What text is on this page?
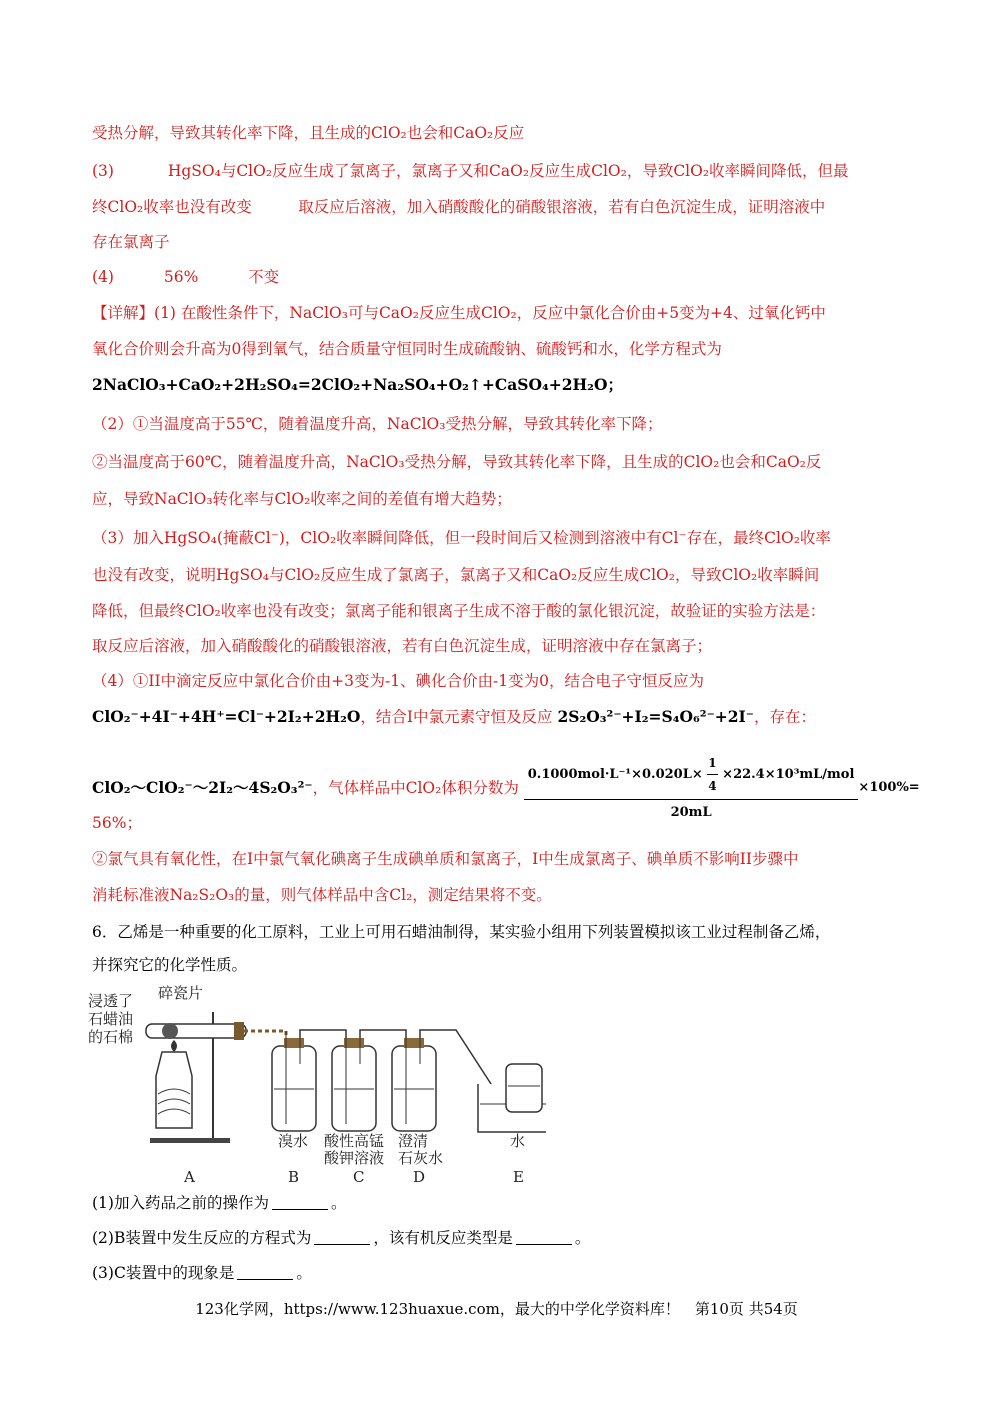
受热分解，导致其转化率下降，且生成的ClO₂也会和CaO₂反应
(3)	HgSO₄与ClO₂反应生成了氯离子，氯离子又和CaO₂反应生成ClO₂，导致ClO₂收率瞬间降低，但最
终ClO₂收率也没有改变　　　取反应后溶液，加入硝酸酸化的硝酸银溶液，若有白色沉淀生成，证明溶液中
存在氯离子
(4)	56%	不变
【详解】(1) 在酸性条件下，NaClO₃可与CaO₂反应生成ClO₂，反应中氯化合价由+5变为+4、过氧化钙中
氧化合价则会升高为0得到氧气，结合质量守恒同时生成硫酸钠、硫酸钙和水，化学方程式为
2NaClO₃+CaO₂+2H₂SO₄=2ClO₂+Na₂SO₄+O₂↑+CaSO₄+2H₂O；
（2）①当温度高于55℃，随着温度升高，NaClO₃受热分解，导致其转化率下降；
②当温度高于60℃，随着温度升高，NaClO₃受热分解，导致其转化率下降，且生成的ClO₂也会和CaO₂反
应，导致NaClO₃转化率与ClO₂收率之间的差值有增大趋势；
（3）加入HgSO₄(掩蔽Cl⁻)，ClO₂收率瞬间降低，但一段时间后又检测到溶液中有Cl⁻存在，最终ClO₂收率
也没有改变，说明HgSO₄与ClO₂反应生成了氯离子，氯离子又和CaO₂反应生成ClO₂，导致ClO₂收率瞬间
降低，但最终ClO₂收率也没有改变；氯离子能和银离子生成不溶于酸的氯化银沉淀，故验证的实验方法是：
取反应后溶液，加入硝酸酸化的硝酸银溶液，若有白色沉淀生成，证明溶液中存在氯离子；
（4）①II中滴定反应中氯化合价由+3变为-1、碘化合价由-1变为0，结合电子守恒反应为
ClO₂⁻+4I⁻+4H⁺=Cl⁻+2I₂+2H₂O，结合I中氯元素守恒及反应 2S₂O₃²⁻+I₂=S₄O₆²⁻+2I⁻，存在：
ClO₂～ClO₂⁻～2I₂～4S₂O₃²⁻，气体样品中ClO₂体积分数为
$0.1000mol\cdot L^{-1}\times 0.020L\times \frac{1}{4} \times 22.4\times 10^3mL/mol$
20mL
×100%=
56%；
②氯气具有氧化性，在I中氯气氧化碘离子生成碘单质和氯离子，I中生成氯离子、碘单质不影响II步骤中
消耗标准液Na₂S₂O₃的量，则气体样品中含Cl₂，测定结果将不变。
6．乙烯是一种重要的化工原料，工业上可用石蜡油制得，某实验小组用下列装置模拟该工业过程制备乙烯，
并探究它的化学性质。
浸透了
石蜡油
的石棉
碎瓷片
溴水 酸性高锰
酸钾溶液
澄清
石灰水
水
A	B	C	D	E
(1)加入药品之前的操作为	。
(2)B装置中发生反应的方程式为	，该有机反应类型是	。
(3)C装置中的现象是	。
123化学网，https://www.123huaxue.com，最大的中学化学资料库！　第10页 共54页
